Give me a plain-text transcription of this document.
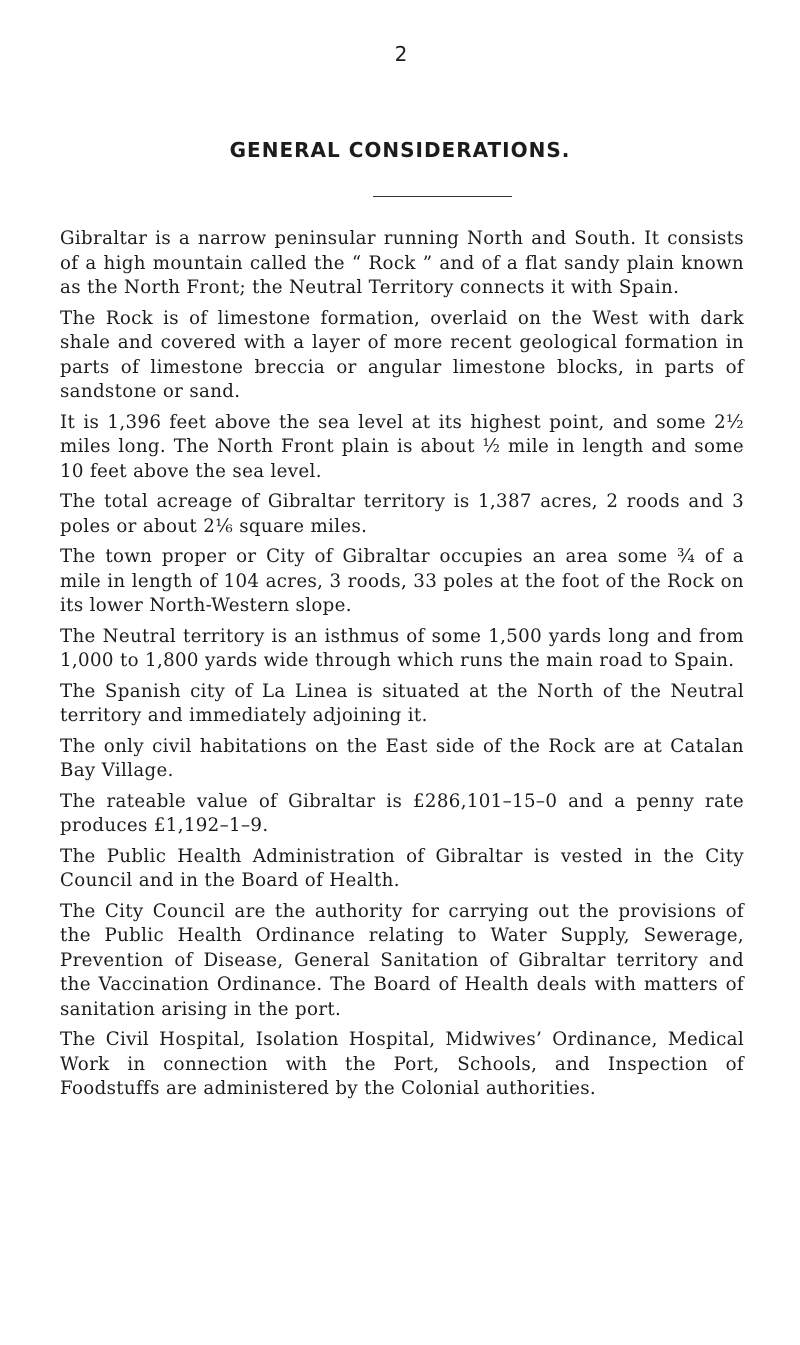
2
GENERAL CONSIDERATIONS.

Gibraltar is a narrow peninsular running North and South. It consists of a high mountain called the “ Rock ” and of a flat sandy plain known as the North Front; the Neutral Territory connects it with Spain.

The Rock is of limestone formation, overlaid on the West with dark shale and covered with a layer of more recent geological formation in parts of limestone breccia or angular limestone blocks, in parts of sandstone or sand.

It is 1,396 feet above the sea level at its highest point, and some 2½ miles long. The North Front plain is about ½ mile in length and some 10 feet above the sea level.

The total acreage of Gibraltar territory is 1,387 acres, 2 roods and 3 poles or about 2⅙ square miles.

The town proper or City of Gibraltar occupies an area some ¾ of a mile in length of 104 acres, 3 roods, 33 poles at the foot of the Rock on its lower North-Western slope.

The Neutral territory is an isthmus of some 1,500 yards long and from 1,000 to 1,800 yards wide through which runs the main road to Spain.

The Spanish city of La Linea is situated at the North of the Neutral territory and immediately adjoining it.

The only civil habitations on the East side of the Rock are at Catalan Bay Village.

The rateable value of Gibraltar is £286,101–15–0 and a penny rate produces £1,192–1–9.

The Public Health Administration of Gibraltar is vested in the City Council and in the Board of Health.

The City Council are the authority for carrying out the provisions of the Public Health Ordinance relating to Water Supply, Sewerage, Prevention of Disease, General Sanitation of Gibraltar territory and the Vaccination Ordinance. The Board of Health deals with matters of sanitation arising in the port.

The Civil Hospital, Isolation Hospital, Midwives’ Ordinance, Medical Work in connection with the Port, Schools, and Inspection of Foodstuffs are administered by the Colonial authorities.
